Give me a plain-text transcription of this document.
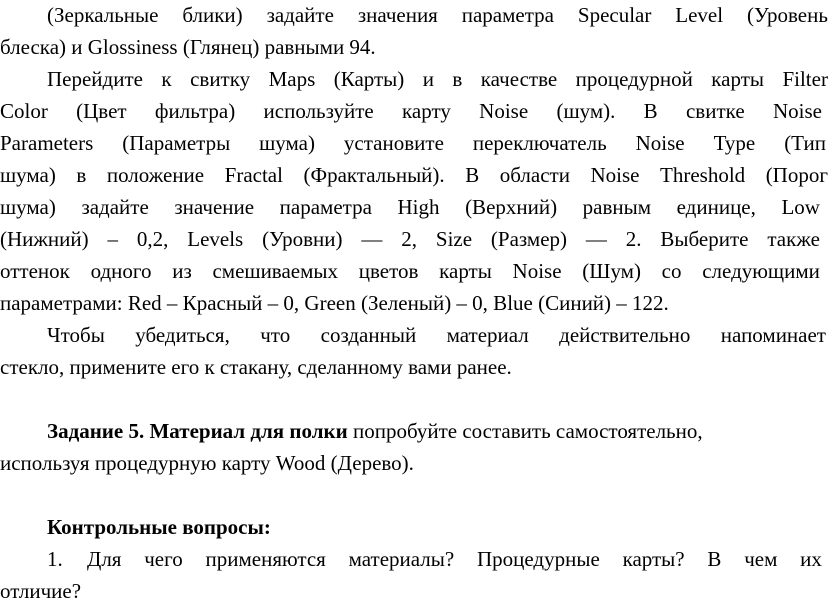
(Зеркальные блики) задайте значения параметра Specular Level (Уровень
блеска) и Glossiness (Глянец) равными 94.
Перейдите к свитку Maps (Карты) и в качестве процедурной карты Filter
Color (Цвет фильтра) используйте карту Noise (шум). В свитке Noise
Parameters (Параметры шума) установите переключатель Noise Type (Тип
шума) в положение Fractal (Фрактальный). В области Noise Threshold (Порог
шума) задайте значение параметра High (Верхний) равным единице, Low
(Нижний) – 0,2, Levels (Уровни) — 2, Size (Размер) — 2. Выберите также
оттенок одного из смешиваемых цветов карты Noise (Шум) со следующими
параметрами: Red – Красный – 0, Green (Зеленый) – 0, Blue (Синий) – 122.
Чтобы убедиться, что созданный материал действительно напоминает
стекло, примените его к стакану, сделанному вами ранее.
Задание 5. Материал для полки попробуйте составить самостоятельно,
используя процедурную карту Wood (Дерево).
Контрольные вопросы:
1.	Для чего применяются материалы? Процедурные карты? В чем их
отличие?
